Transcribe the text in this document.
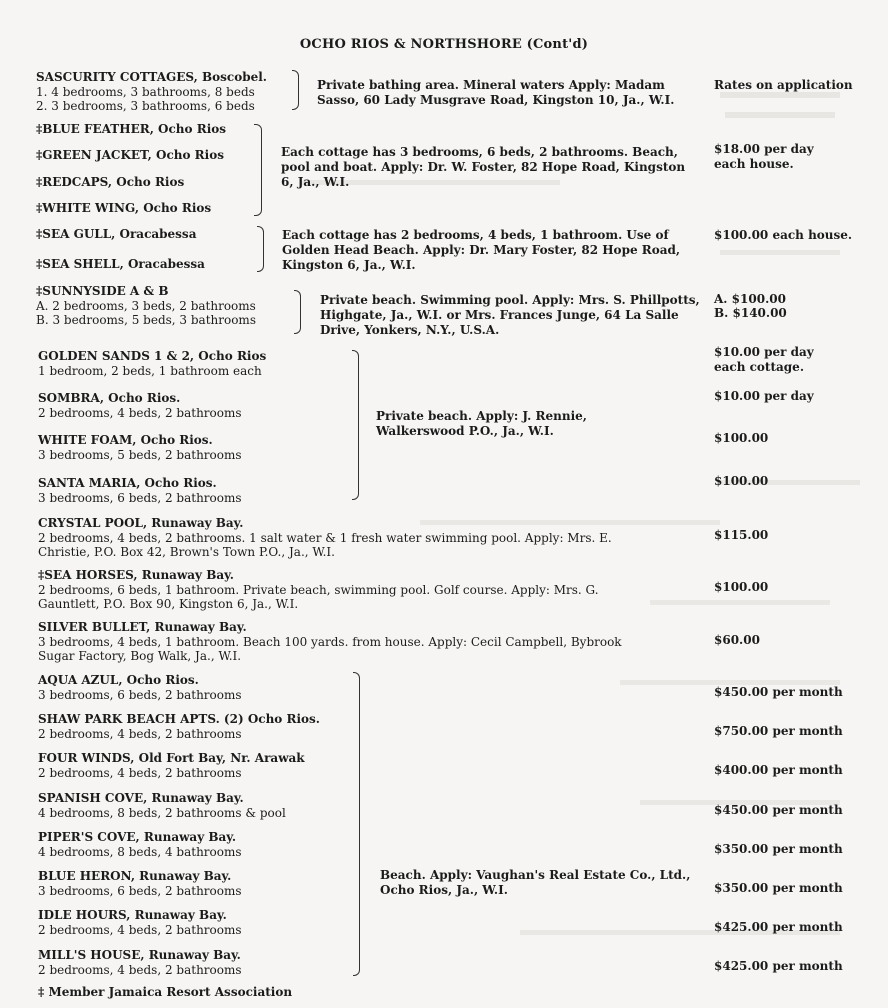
OCHO RIOS & NORTHSHORE (Cont'd)
SASCURITY COTTAGES, Boscobel.
1. 4 bedrooms, 3 bathrooms, 8 beds
2. 3 bedrooms, 3 bathrooms, 6 beds
Private bathing area. Mineral waters Apply: Madam Sasso, 60 Lady Musgrave Road, Kingston 10, Ja., W.I.
Rates on application
‡BLUE FEATHER, Ocho Rios
‡GREEN JACKET, Ocho Rios
‡REDCAPS, Ocho Rios
‡WHITE WING, Ocho Rios
Each cottage has 3 bedrooms, 6 beds, 2 bathrooms. Beach, pool and boat. Apply: Dr. W. Foster, 82 Hope Road, Kingston 6, Ja., W.I.
$18.00 per day
each house.
‡SEA GULL, Oracabessa
‡SEA SHELL, Oracabessa
Each cottage has 2 bedrooms, 4 beds, 1 bathroom. Use of Golden Head Beach. Apply: Dr. Mary Foster, 82 Hope Road, Kingston 6, Ja., W.I.
$100.00 each house.
‡SUNNYSIDE A & B
A. 2 bedrooms, 3 beds, 2 bathrooms
B. 3 bedrooms, 5 beds, 3 bathrooms
Private beach. Swimming pool. Apply: Mrs. S. Phillpotts, Highgate, Ja., W.I. or Mrs. Frances Junge, 64 La Salle Drive, Yonkers, N.Y., U.S.A.
A. $100.00
B. $140.00
GOLDEN SANDS 1 & 2, Ocho Rios
1 bedroom, 2 beds, 1 bathroom each
SOMBRA, Ocho Rios.
2 bedrooms, 4 beds, 2 bathrooms
WHITE FOAM, Ocho Rios.
3 bedrooms, 5 beds, 2 bathrooms
SANTA MARIA, Ocho Rios.
3 bedrooms, 6 beds, 2 bathrooms
Private beach. Apply: J. Rennie, Walkerswood P.O., Ja., W.I.
$10.00 per day
each cottage.
$10.00 per day
$100.00
$100.00
CRYSTAL POOL, Runaway Bay.
2 bedrooms, 4 beds, 2 bathrooms. 1 salt water & 1 fresh water swimming pool. Apply: Mrs. E.
Christie, P.O. Box 42, Brown's Town P.O., Ja., W.I.
$115.00
‡SEA HORSES, Runaway Bay.
2 bedrooms, 6 beds, 1 bathroom. Private beach, swimming pool. Golf course. Apply: Mrs. G.
Gauntlett, P.O. Box 90, Kingston 6, Ja., W.I.
$100.00
SILVER BULLET, Runaway Bay.
3 bedrooms, 4 beds, 1 bathroom. Beach 100 yards. from house. Apply: Cecil Campbell, Bybrook
Sugar Factory, Bog Walk, Ja., W.I.
$60.00
AQUA AZUL, Ocho Rios.
3 bedrooms, 6 beds, 2 bathrooms
SHAW PARK BEACH APTS. (2) Ocho Rios.
2 bedrooms, 4 beds, 2 bathrooms
FOUR WINDS, Old Fort Bay, Nr. Arawak
2 bedrooms, 4 beds, 2 bathrooms
SPANISH COVE, Runaway Bay.
4 bedrooms, 8 beds, 2 bathrooms & pool
PIPER'S COVE, Runaway Bay.
4 bedrooms, 8 beds, 4 bathrooms
BLUE HERON, Runaway Bay.
3 bedrooms, 6 beds, 2 bathrooms
IDLE HOURS, Runaway Bay.
2 bedrooms, 4 beds, 2 bathrooms
MILL'S HOUSE, Runaway Bay.
2 bedrooms, 4 beds, 2 bathrooms
Beach. Apply: Vaughan's Real Estate Co., Ltd., Ocho Rios, Ja., W.I.
$450.00 per month
$750.00 per month
$400.00 per month
$450.00 per month
$350.00 per month
$350.00 per month
$425.00 per month
$425.00 per month
‡ Member Jamaica Resort Association
